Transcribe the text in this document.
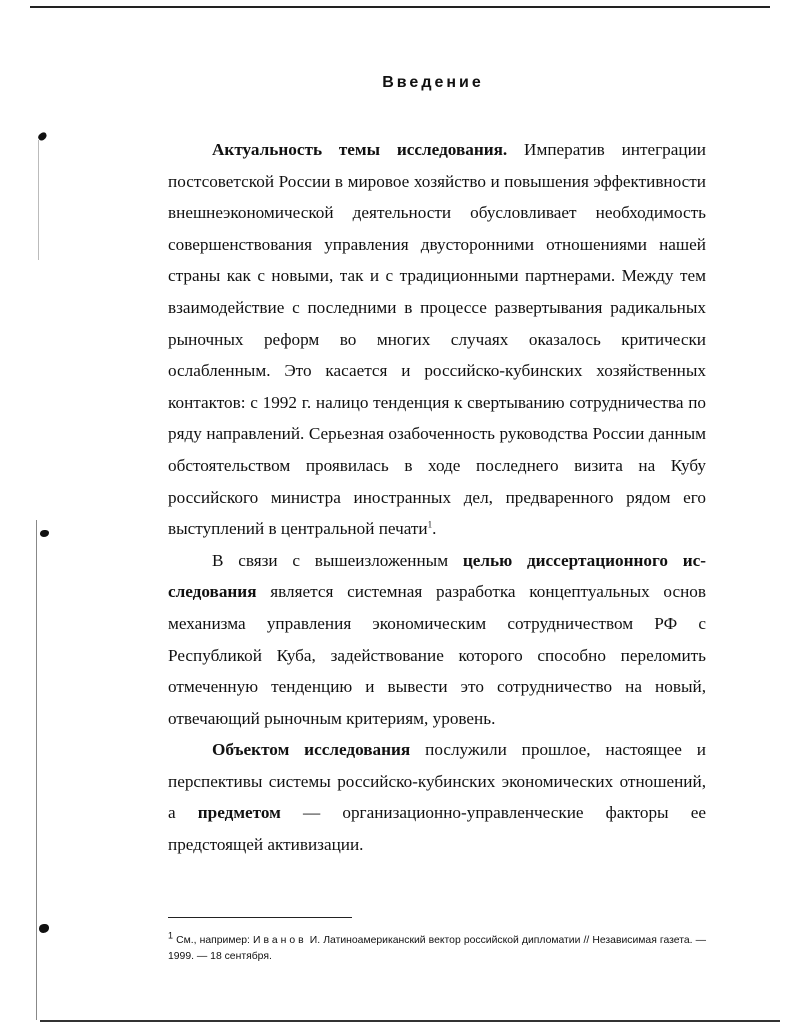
Введение

Актуальность темы исследования. Императив интеграции постсоветской России в мировое хозяйство и повышения эффективности внешнеэкономической деятельности обусловливает необходимость совершенствования управления двусторонними отношениями нашей страны как с новыми, так и с традиционными партнерами. Между тем взаимодействие с последними в процессе развертывания радикальных рыночных реформ во многих случаях оказалось критически ослабленным. Это касается и российско-кубинских хозяйственных контактов: с 1992 г. налицо тенденция к свертыванию сотрудничества по ряду направлений. Серьезная озабоченность руководства России данным обстоятельством проявилась в ходе последнего визита на Кубу российского министра иностранных дел, предваренного рядом его выступлений в центральной печати$^1$.

В связи с вышеизложенным целью диссертационного исследования является системная разработка концептуальных основ механизма управления экономическим сотрудничеством РФ с Республикой Куба, задействование которого способно переломить отмеченную тенденцию и вывести это сотрудничество на новый, отвечающий рыночным критериям, уровень.

Объектом исследования послужили прошлое, настоящее и перспективы системы российско-кубинских экономических отношений, а предметом — организационно-управленческие факторы ее предстоящей активизации.

$^1$ См., например: Иванов И. Латиноамериканский вектор российской дипломатии // Независимая газета. — 1999. — 18 сентября.
